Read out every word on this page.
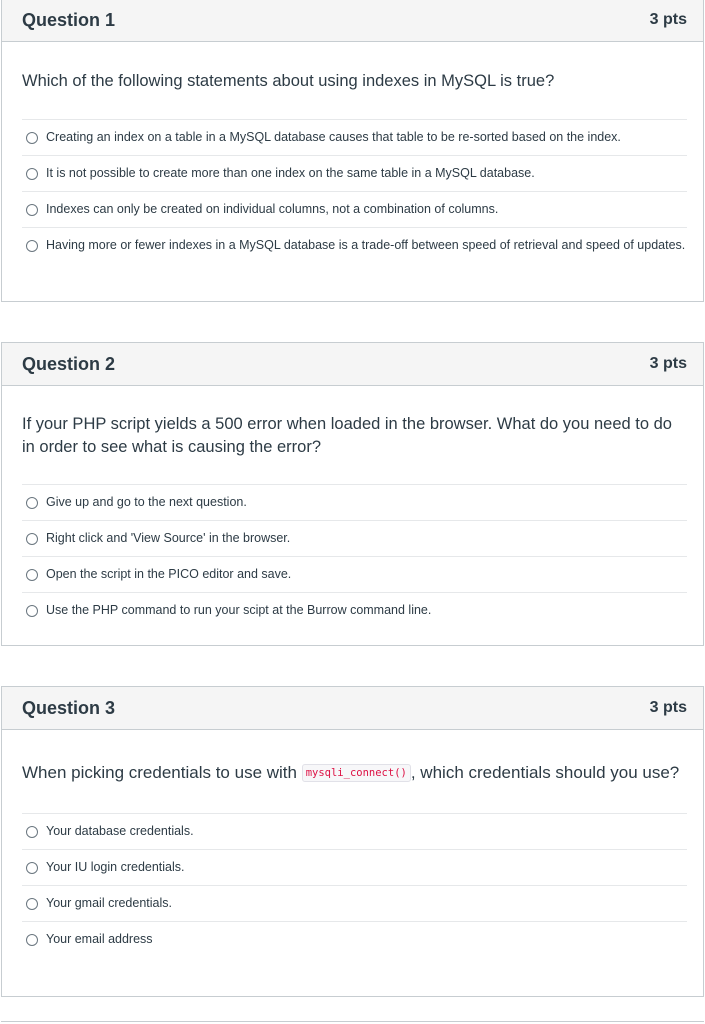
Question 1	3 pts
Which of the following statements about using indexes in MySQL is true?
Creating an index on a table in a MySQL database causes that table to be re-sorted based on the index.
It is not possible to create more than one index on the same table in a MySQL database.
Indexes can only be created on individual columns, not a combination of columns.
Having more or fewer indexes in a MySQL database is a trade-off between speed of retrieval and speed of updates.
Question 2	3 pts
If your PHP script yields a 500 error when loaded in the browser. What do you need to do in order to see what is causing the error?
Give up and go to the next question.
Right click and 'View Source' in the browser.
Open the script in the PICO editor and save.
Use the PHP command to run your scipt at the Burrow command line.
Question 3	3 pts
When picking credentials to use with mysqli_connect() , which credentials should you use?
Your database credentials.
Your IU login credentials.
Your gmail credentials.
Your email address
